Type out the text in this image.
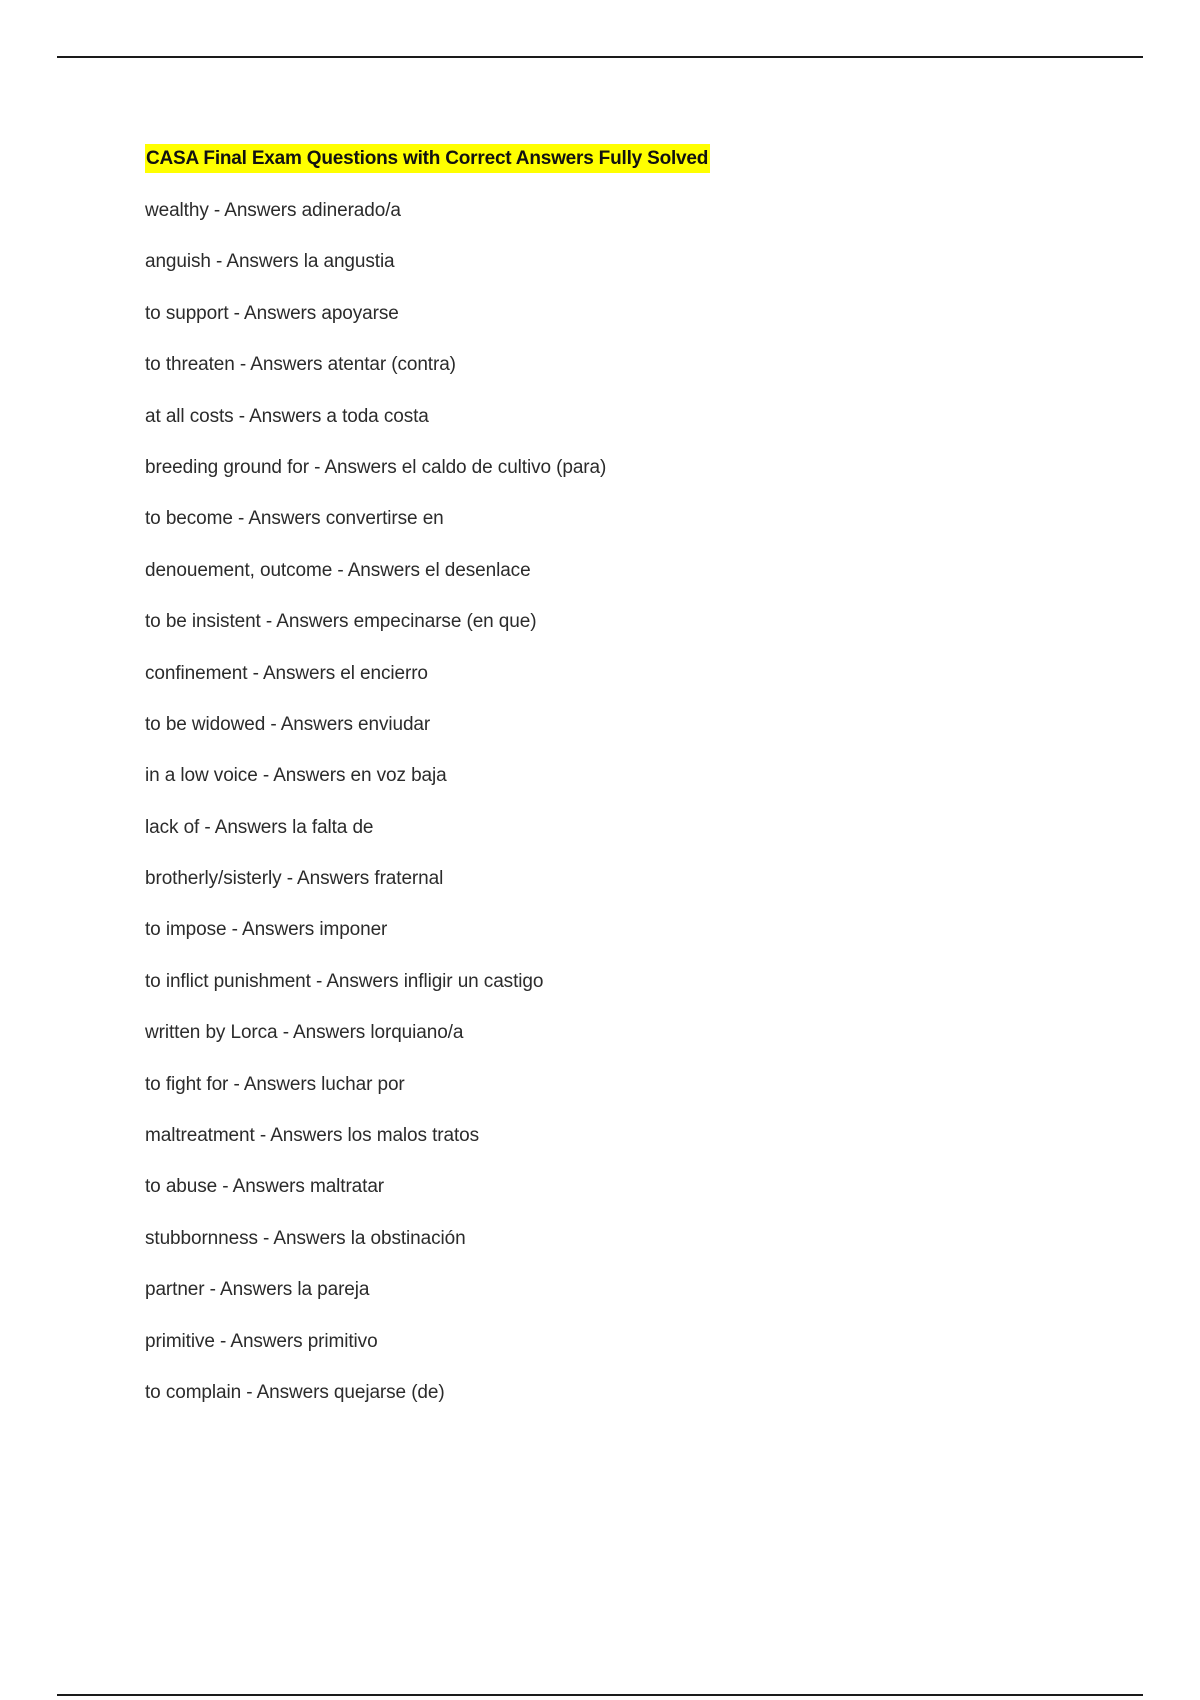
CASA Final Exam Questions with Correct Answers Fully Solved
wealthy - Answers adinerado/a
anguish - Answers la angustia
to support - Answers apoyarse
to threaten - Answers atentar (contra)
at all costs - Answers a toda costa
breeding ground for - Answers el caldo de cultivo (para)
to become - Answers convertirse en
denouement, outcome - Answers el desenlace
to be insistent - Answers empecinarse (en que)
confinement - Answers el encierro
to be widowed - Answers enviudar
in a low voice - Answers en voz baja
lack of - Answers la falta de
brotherly/sisterly - Answers fraternal
to impose - Answers imponer
to inflict punishment - Answers infligir un castigo
written by Lorca - Answers lorquiano/a
to fight for - Answers luchar por
maltreatment - Answers los malos tratos
to abuse - Answers maltratar
stubbornness - Answers la obstinación
partner - Answers la pareja
primitive - Answers primitivo
to complain - Answers quejarse (de)
